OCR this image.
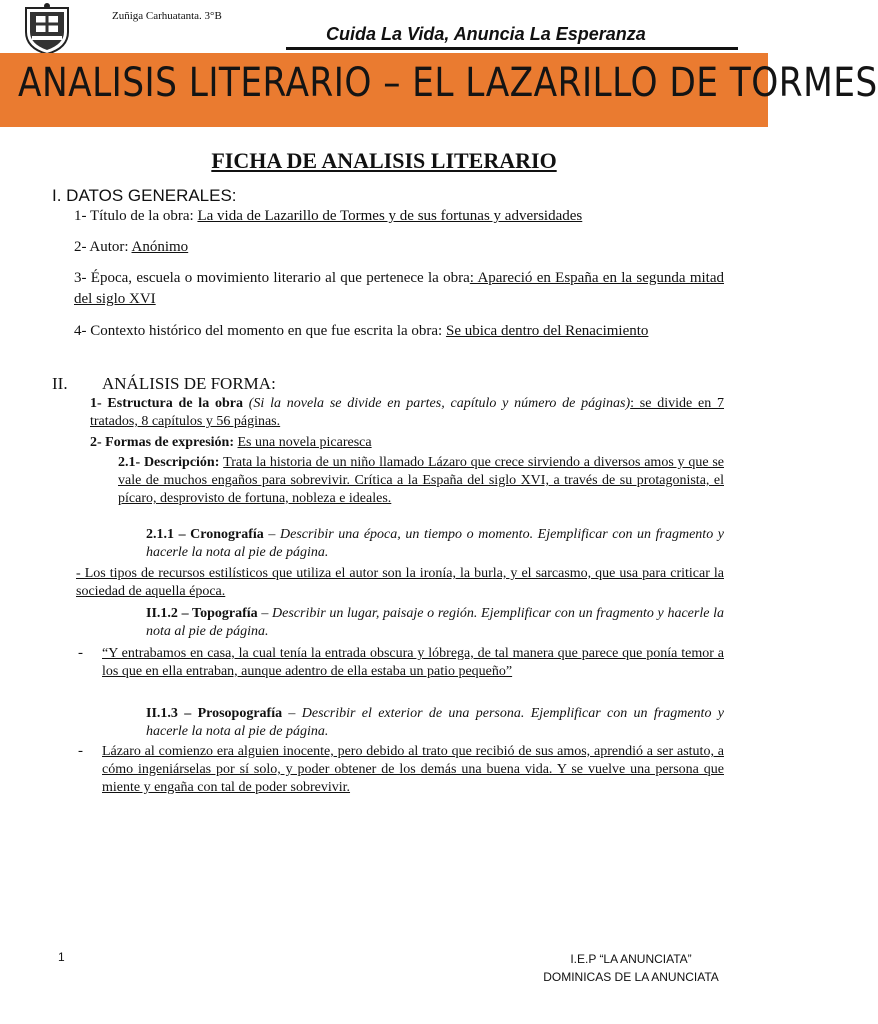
Zuñiga Carhuatanta. 3°B
Cuida La Vida, Anuncia La Esperanza
ANALISIS LITERARIO – EL LAZARILLO DE TORMES
FICHA DE ANALISIS LITERARIO
I. DATOS GENERALES:
1- Título de la obra: La vida de Lazarillo de Tormes y de sus fortunas y adversidades
2- Autor: Anónimo
3- Época, escuela o movimiento literario al que pertenece la obra: Apareció en España en la segunda mitad del siglo XVI
4- Contexto histórico del momento en que fue escrita la obra: Se ubica dentro del Renacimiento
II. ANÁLISIS DE FORMA:
1- Estructura de la obra (Si la novela se divide en partes, capítulo y número de páginas): se divide en 7 tratados, 8 capítulos y 56 páginas.
2- Formas de expresión: Es una novela picaresca
2.1- Descripción: Trata la historia de un niño llamado Lázaro que crece sirviendo a diversos amos y que se vale de muchos engaños para sobrevivir. Crítica a la España del siglo XVI, a través de su protagonista, el pícaro, desprovisto de fortuna, nobleza e ideales.
2.1.1 – Cronografía – Describir una época, un tiempo o momento. Ejemplificar con un fragmento y hacerle la nota al pie de página.
- Los tipos de recursos estilísticos que utiliza el autor son la ironía, la burla, y el sarcasmo, que usa para criticar la sociedad de aquella época.
II.1.2 – Topografía – Describir un lugar, paisaje o región. Ejemplificar con un fragmento y hacerle la nota al pie de página.
- “Y entrabamos en casa, la cual tenía la entrada obscura y lóbrega, de tal manera que parece que ponía temor a los que en ella entraban, aunque adentro de ella estaba un patio pequeño”
II.1.3 – Prosopografía – Describir el exterior de una persona. Ejemplificar con un fragmento y hacerle la nota al pie de página.
- Lázaro al comienzo era alguien inocente, pero debido al trato que recibió de sus amos, aprendió a ser astuto, a cómo ingeniárselas por sí solo, y poder obtener de los demás una buena vida. Y se vuelve una persona que miente y engaña con tal de poder sobrevivir.
1	I.E.P “LA ANUNCIATA”
DOMINICAS DE LA ANUNCIATA
